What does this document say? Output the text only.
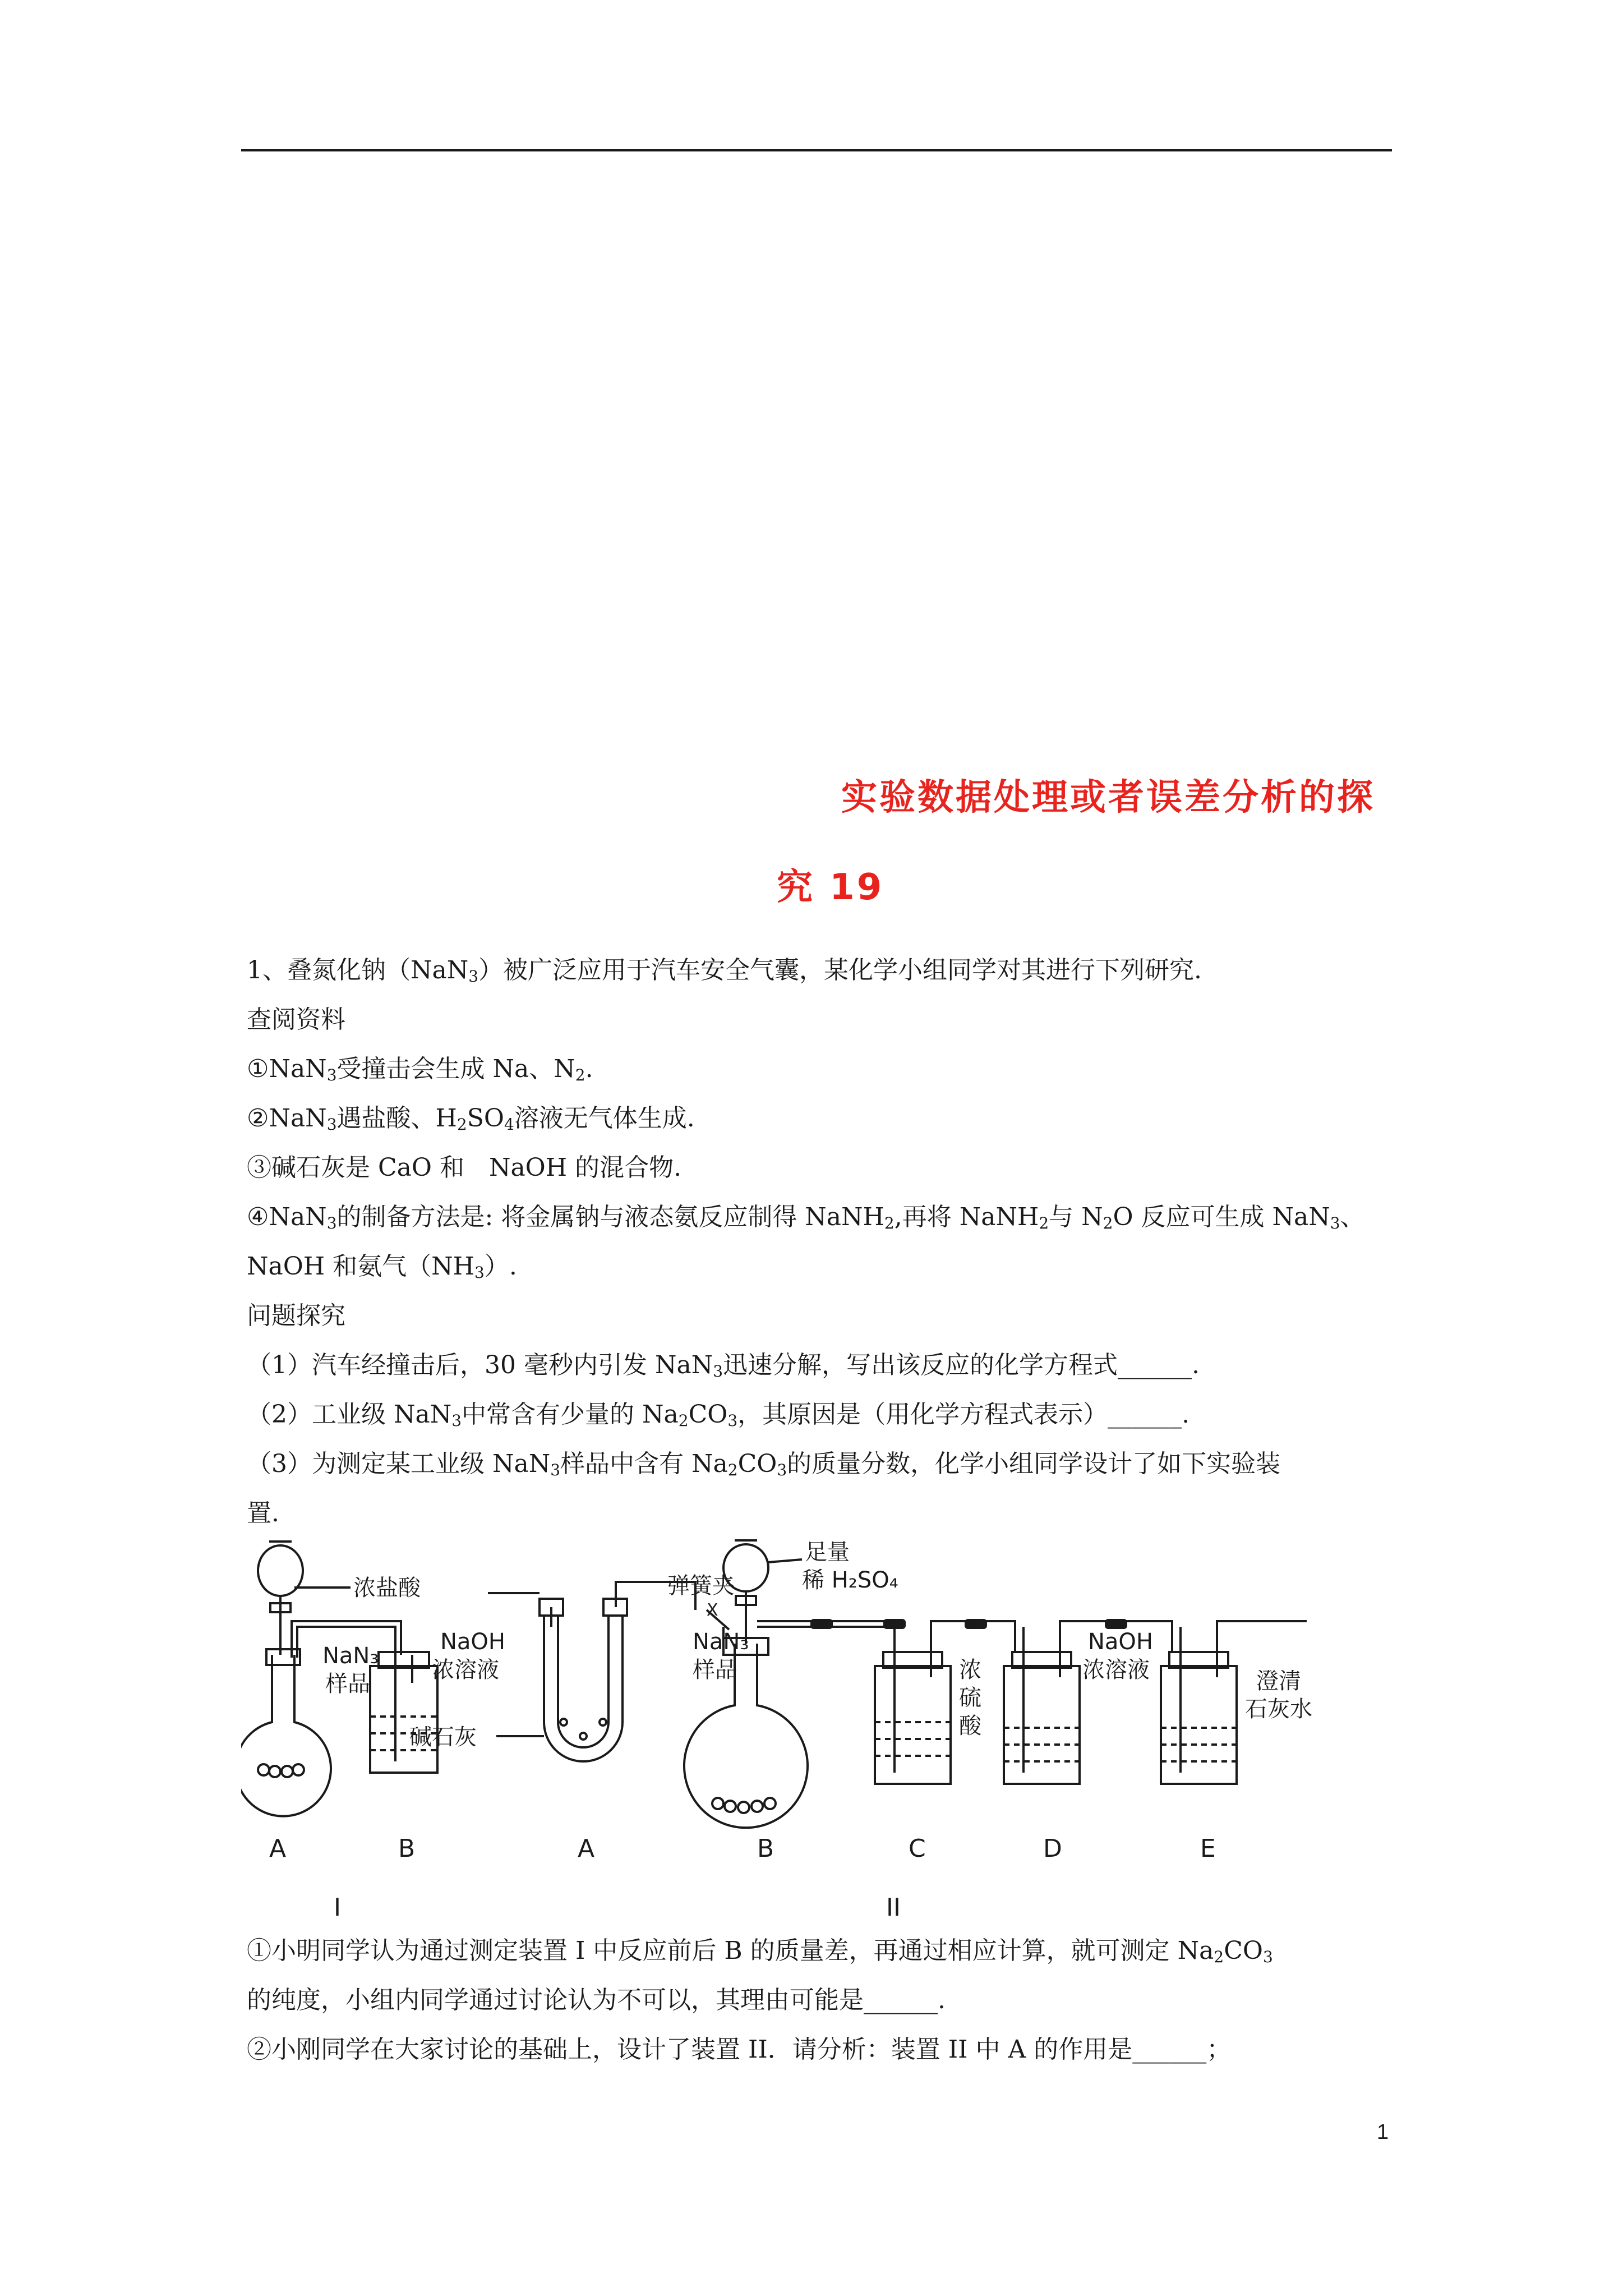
实验数据处理或者误差分析的探
究 19
1、叠氮化钠（NaN$_3$）被广泛应用于汽车安全气囊，某化学小组同学对其进行下列研究.
查阅资料
①NaN$_3$受撞击会生成 Na、$N_2$.
②NaN$_3$遇盐酸、$H_2SO_4$溶液无气体生成.
③碱石灰是 CaO 和　NaOH 的混合物.
④NaN$_3$的制备方法是: 将金属钠与液态氨反应制得 NaNH$_2$,再将 NaNH$_2$与 $N_2O$ 反应可生成 NaN$_3$、
NaOH 和氨气$(NH_3)$.
问题探究
（1）汽车经撞击后，30 毫秒内引发 NaN$_3$迅速分解，写出该反应的化学方程式______.
（2）工业级 NaN$_3$中常含有少量的 $Na_2CO_3$，其原因是（用化学方程式表示）______.
（3）为测定某工业级 NaN$_3$样品中含有 $Na_2CO_3$的质量分数，化学小组同学设计了如下实验装
置.
浓盐酸
NaN₃
样品
NaOH
浓溶液
碱石灰
弹簧夹
X
足量
稀 H₂SO₄
NaN₃
样品	浓
硫
酸
NaOH
浓溶液	澄清
石灰水
A	B
I
A	B	C	D	E
II
①小明同学认为通过测定装置 I 中反应前后 B 的质量差，再通过相应计算，就可测定 $Na_2CO_3$
的纯度，小组内同学通过讨论认为不可以，其理由可能是______.
②小刚同学在大家讨论的基础上，设计了装置 II．请分析：装置 II 中 A 的作用是______；
1
